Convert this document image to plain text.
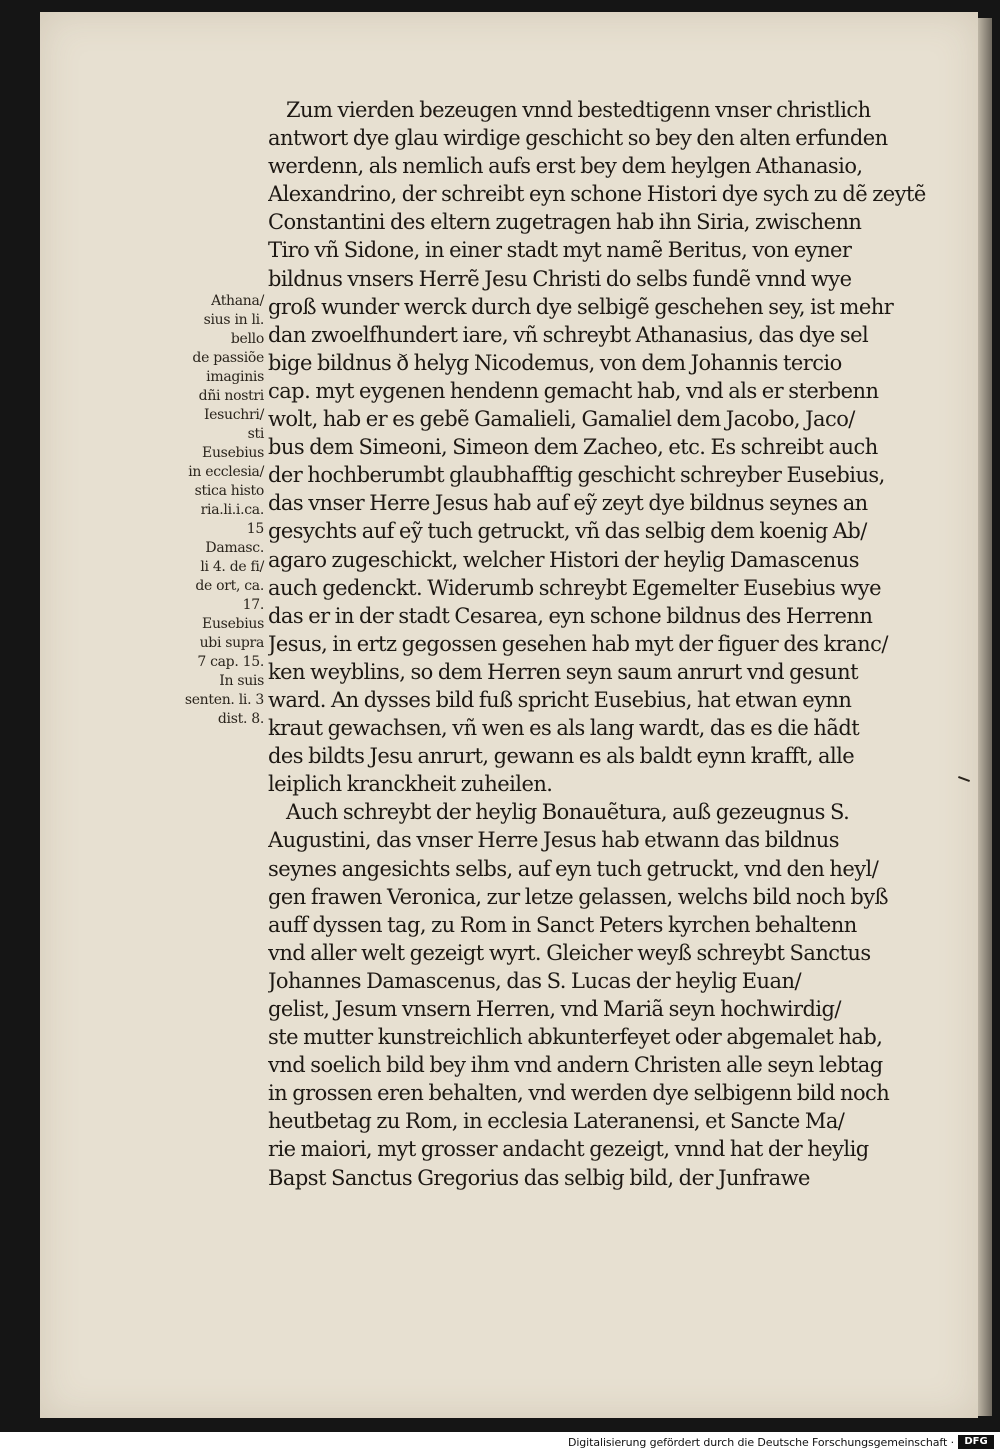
Athana/
sius in li.
bello
de passiõe
imaginis
dñi nostri
Iesuchri/
sti
Eusebius
in ecclesia/
stica histo
ria.li.i.ca.
15
Damasc.
li 4. de fi/
de ort, ca.
17.
Eusebius
ubi supra
7 cap. 15.
In suis
senten. li. 3
dist. 8.
Zum vierden bezeugen vnnd bestedtigenn vnser christlich
antwort dye glau wirdige geschicht so bey den alten erfunden
werdenn, als nemlich aufs erst bey dem heylgen Athanasio,
Alexandrino, der schreibt eyn schone Histori dye sych zu dẽ zeytẽ
Constantini des eltern zugetragen hab ihn Siria, zwischenn
Tiro vñ Sidone, in einer stadt myt namẽ Beritus, von eyner
bildnus vnsers Herrẽ Jesu Christi do selbs fundẽ vnnd wye
groß wunder werck durch dye selbigẽ geschehen sey, ist mehr
dan zwoelfhundert iare, vñ schreybt Athanasius, das dye sel
bige bildnus ð helyg Nicodemus, von dem Johannis tercio
cap. myt eygenen hendenn gemacht hab, vnd als er sterbenn
wolt, hab er es gebẽ Gamalieli, Gamaliel dem Jacobo, Jaco/
bus dem Simeoni, Simeon dem Zacheo, etc. Es schreibt auch
der hochberumbt glaubhafftig geschicht schreyber Eusebius,
das vnser Herre Jesus hab auf eỹ zeyt dye bildnus seynes an
gesychts auf eỹ tuch getruckt, vñ das selbig dem koenig Ab/
agaro zugeschickt, welcher Histori der heylig Damascenus
auch gedenckt. Widerumb schreybt Egemelter Eusebius wye
das er in der stadt Cesarea, eyn schone bildnus des Herrenn
Jesus, in ertz gegossen gesehen hab myt der figuer des kranc/
ken weyblins, so dem Herren seyn saum anrurt vnd gesunt
ward. An dysses bild fuß spricht Eusebius, hat etwan eynn
kraut gewachsen, vñ wen es als lang wardt, das es die hãdt
des bildts Jesu anrurt, gewann es als baldt eynn krafft, alle
leiplich kranckheit zuheilen.
Auch schreybt der heylig Bonauẽtura, auß gezeugnus S.
Augustini, das vnser Herre Jesus hab etwann das bildnus
seynes angesichts selbs, auf eyn tuch getruckt, vnd den heyl/
gen frawen Veronica, zur letze gelassen, welchs bild noch byß
auff dyssen tag, zu Rom in Sanct Peters kyrchen behaltenn
vnd aller welt gezeigt wyrt. Gleicher weyß schreybt Sanctus
Johannes Damascenus, das S. Lucas der heylig Euan/
gelist, Jesum vnsern Herren, vnd Mariã seyn hochwirdig/
ste mutter kunstreichlich abkunterfeyet oder abgemalet hab,
vnd soelich bild bey ihm vnd andern Christen alle seyn lebtag
in grossen eren behalten, vnd werden dye selbigenn bild noch
heutbetag zu Rom, in ecclesia Lateranensi, et Sancte Ma/
rie maiori, myt grosser andacht gezeigt, vnnd hat der heylig
Bapst Sanctus Gregorius das selbig bild, der Junfrawe
Digitalisierung gefördert durch die Deutsche Forschungsgemeinschaft ·	DFG
